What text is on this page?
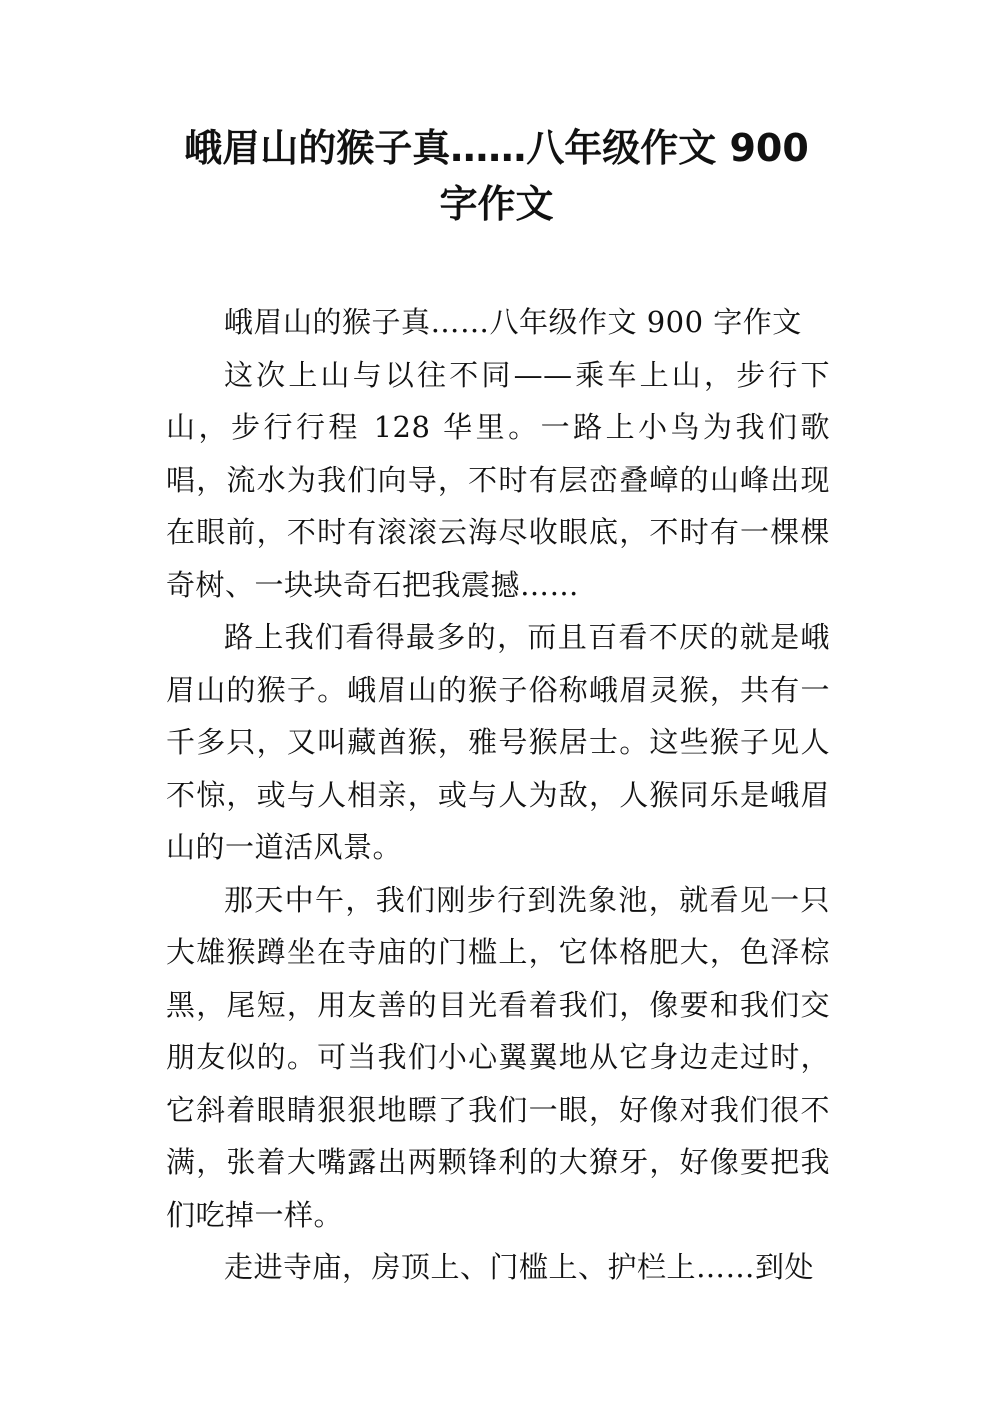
峨眉山的猴子真……八年级作文 900
字作文

峨眉山的猴子真……八年级作文 900 字作文

这次上山与以往不同——乘车上山，步行下山，步行行程 128 华里。一路上小鸟为我们歌唱，流水为我们向导，不时有层峦叠嶂的山峰出现在眼前，不时有滚滚云海尽收眼底，不时有一棵棵奇树、一块块奇石把我震撼……

路上我们看得最多的，而且百看不厌的就是峨眉山的猴子。峨眉山的猴子俗称峨眉灵猴，共有一千多只，又叫藏酋猴，雅号猴居士。这些猴子见人不惊，或与人相亲，或与人为敌，人猴同乐是峨眉山的一道活风景。

那天中午，我们刚步行到洗象池，就看见一只大雄猴蹲坐在寺庙的门槛上，它体格肥大，色泽棕黑，尾短，用友善的目光看着我们，像要和我们交朋友似的。可当我们小心翼翼地从它身边走过时，它斜着眼睛狠狠地瞟了我们一眼，好像对我们很不满，张着大嘴露出两颗锋利的大獠牙，好像要把我们吃掉一样。

走进寺庙，房顶上、门槛上、护栏上……到处
